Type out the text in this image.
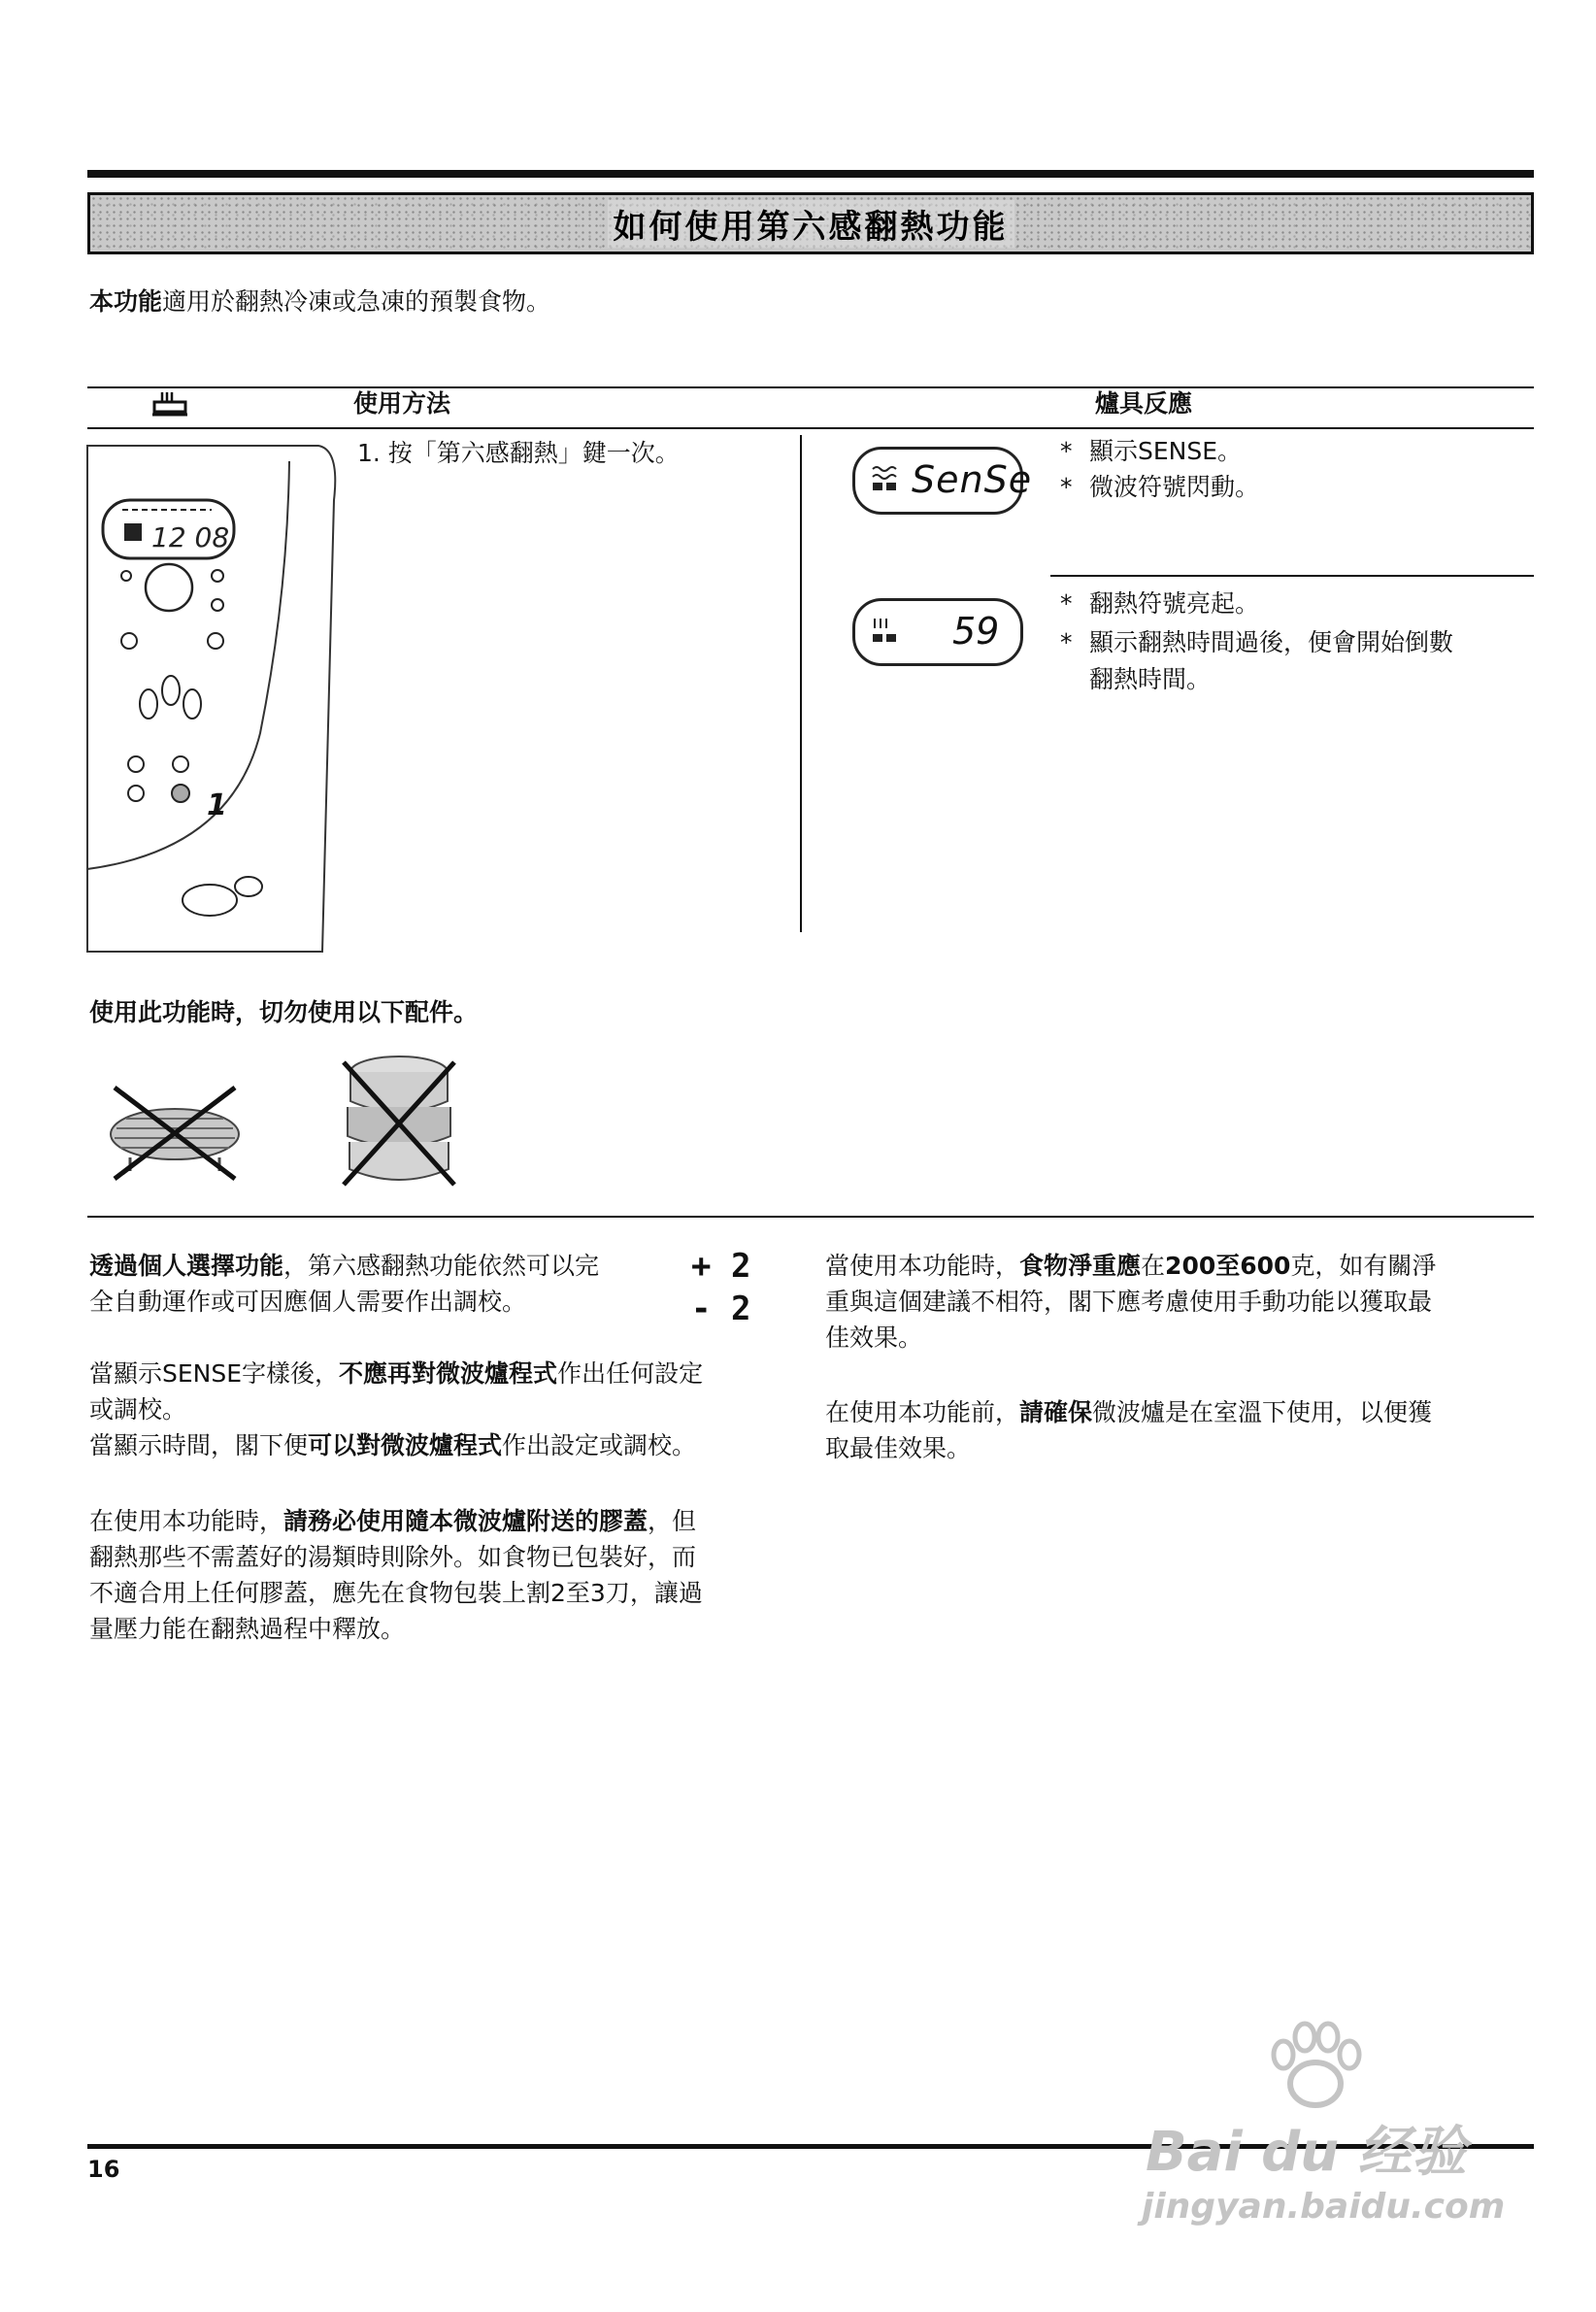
如何使用第六感翻熱功能
本功能適用於翻熱冷凍或急凍的預製食物。
使用方法	爐具反應
12 08
1
1. 按「第六感翻熱」鍵一次。
SenSe
* 顯示SENSE。
* 微波符號閃動。
59
* 翻熱符號亮起。
* 顯示翻熱時間過後，便會開始倒數
翻熱時間。
使用此功能時，切勿使用以下配件。
透過個人選擇功能，第六感翻熱功能依然可以完
全自動運作或可因應個人需要作出調校。
+ 2
- 2
當顯示SENSE字樣後，不應再對微波爐程式作出任何設定
或調校。
當顯示時間，閣下便可以對微波爐程式作出設定或調校。
在使用本功能時，請務必使用隨本微波爐附送的膠蓋，但
翻熱那些不需蓋好的湯類時則除外。如食物已包裝好，而
不適合用上任何膠蓋，應先在食物包裝上割2至3刀，讓過
量壓力能在翻熱過程中釋放。
當使用本功能時，食物淨重應在200至600克，如有關淨
重與這個建議不相符，閣下應考慮使用手動功能以獲取最
佳效果。
在使用本功能前，請確保微波爐是在室溫下使用，以便獲
取最佳效果。
16	Bai du 经验
jingyan.baidu.com
